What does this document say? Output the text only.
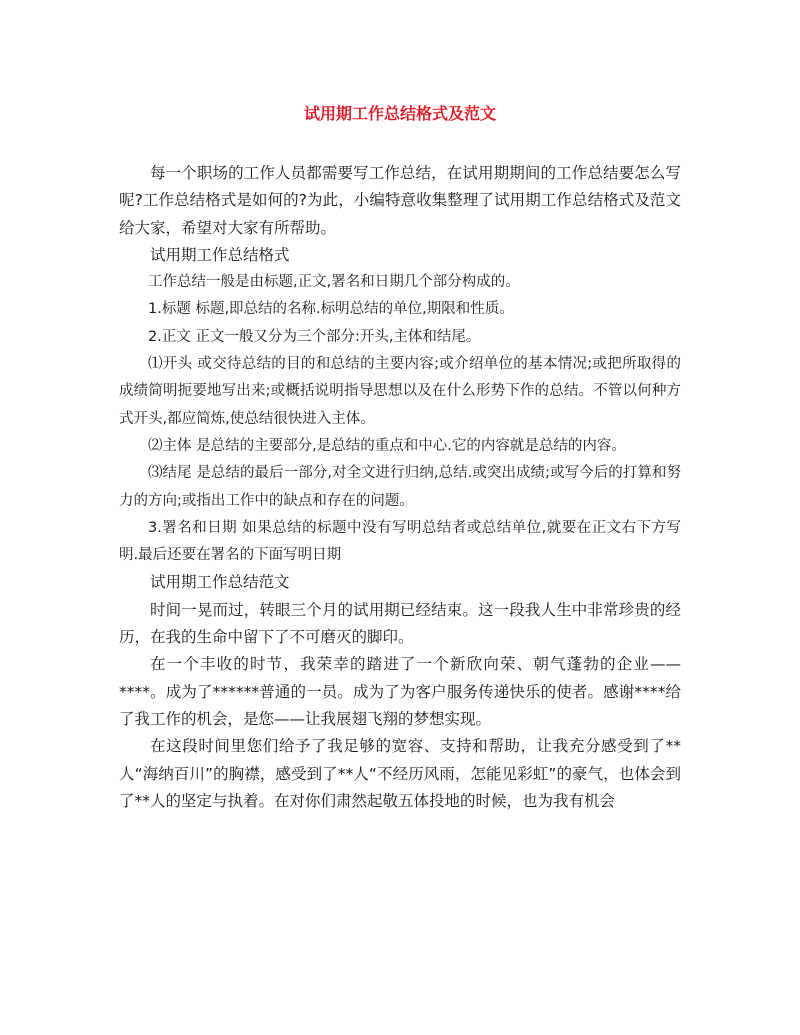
试用期工作总结格式及范文

每一个职场的工作人员都需要写工作总结，在试用期期间的工作总结要怎么写呢?工作总结格式是如何的?为此，小编特意收集整理了试用期工作总结格式及范文给大家，希望对大家有所帮助。

试用期工作总结格式

工作总结一般是由标题,正文,署名和日期几个部分构成的。

1.标题 标题,即总结的名称.标明总结的单位,期限和性质。

2.正文 正文一般又分为三个部分:开头,主体和结尾。

⑴开头 或交待总结的目的和总结的主要内容;或介绍单位的基本情况;或把所取得的成绩简明扼要地写出来;或概括说明指导思想以及在什么形势下作的总结。不管以何种方式开头,都应简炼,使总结很快进入主体。

⑵主体 是总结的主要部分,是总结的重点和中心.它的内容就是总结的内容。

⑶结尾 是总结的最后一部分,对全文进行归纳,总结.或突出成绩;或写今后的打算和努力的方向;或指出工作中的缺点和存在的问题。

3.署名和日期 如果总结的标题中没有写明总结者或总结单位,就要在正文右下方写明.最后还要在署名的下面写明日期

试用期工作总结范文

时间一晃而过，转眼三个月的试用期已经结束。这一段我人生中非常珍贵的经历，在我的生命中留下了不可磨灭的脚印。

在一个丰收的时节，我荣幸的踏进了一个新欣向荣、朝气蓬勃的企业——****。成为了******普通的一员。成为了为客户服务传递快乐的使者。感谢****给了我工作的机会，是您——让我展翅飞翔的梦想实现。

在这段时间里您们给予了我足够的宽容、支持和帮助，让我充分感受到了**人“海纳百川”的胸襟，感受到了**人“不经历风雨，怎能见彩虹”的豪气，也体会到了**人的坚定与执着。在对你们肃然起敬五体投地的时候，也为我有机会
